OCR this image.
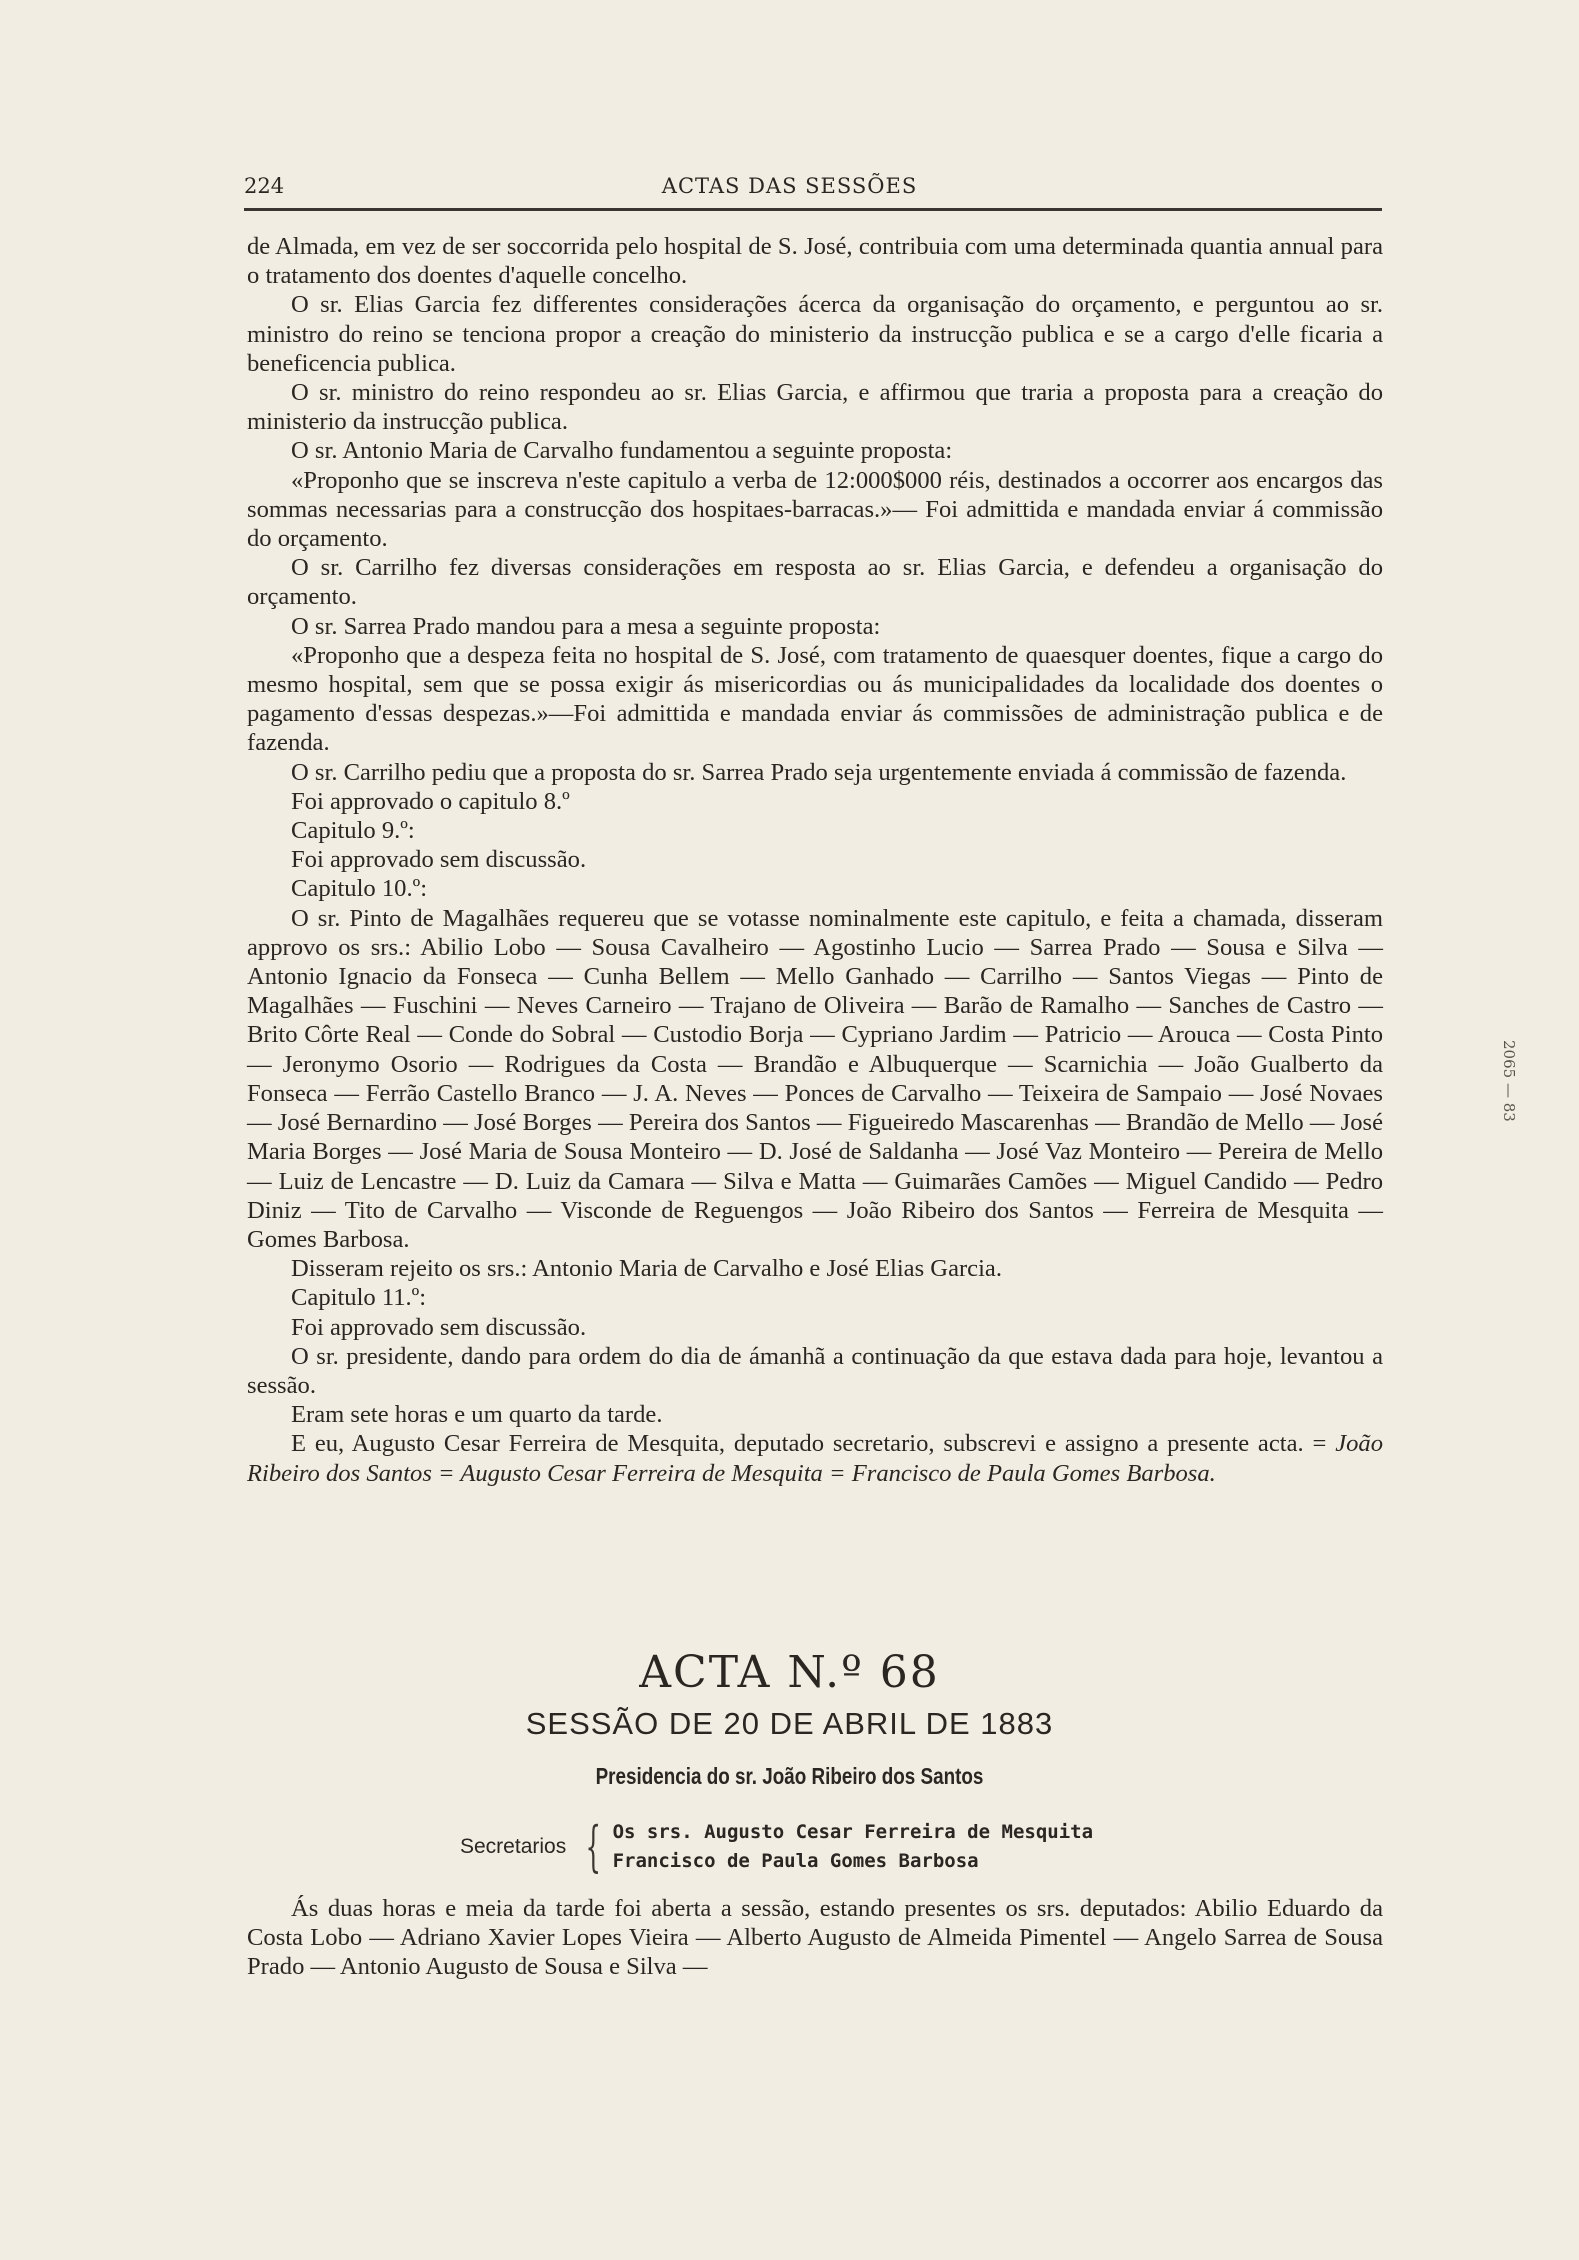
224	ACTAS DAS SESSÕES

de Almada, em vez de ser soccorrida pelo hospital de S. José, contribuia com uma determinada quantia annual para o tratamento dos doentes d'aquelle concelho.

O sr. Elias Garcia fez differentes considerações ácerca da organisação do orçamento, e perguntou ao sr. ministro do reino se tenciona propor a creação do ministerio da instrucção publica e se a cargo d'elle ficaria a beneficencia publica.

O sr. ministro do reino respondeu ao sr. Elias Garcia, e affirmou que traria a proposta para a creação do ministerio da instrucção publica.

O sr. Antonio Maria de Carvalho fundamentou a seguinte proposta:

«Proponho que se inscreva n'este capitulo a verba de 12:000$000 réis, destinados a occorrer aos encargos das sommas necessarias para a construcção dos hospitaes-barracas.»— Foi admittida e mandada enviar á commissão do orçamento.

O sr. Carrilho fez diversas considerações em resposta ao sr. Elias Garcia, e defendeu a organisação do orçamento.

O sr. Sarrea Prado mandou para a mesa a seguinte proposta:

«Proponho que a despeza feita no hospital de S. José, com tratamento de quaesquer doentes, fique a cargo do mesmo hospital, sem que se possa exigir ás misericordias ou ás municipalidades da localidade dos doentes o pagamento d'essas despezas.»—Foi admittida e mandada enviar ás commissões de administração publica e de fazenda.

O sr. Carrilho pediu que a proposta do sr. Sarrea Prado seja urgentemente enviada á commissão de fazenda.

Foi approvado o capitulo 8.º

Capitulo 9.º:

Foi approvado sem discussão.

Capitulo 10.º:

O sr. Pinto de Magalhães requereu que se votasse nominalmente este capitulo, e feita a chamada, disseram approvo os srs.: Abilio Lobo — Sousa Cavalheiro — Agostinho Lucio — Sarrea Prado — Sousa e Silva — Antonio Ignacio da Fonseca — Cunha Bellem — Mello Ganhado — Carrilho — Santos Viegas — Pinto de Magalhães — Fuschini — Neves Carneiro — Trajano de Oliveira — Barão de Ramalho — Sanches de Castro — Brito Côrte Real — Conde do Sobral — Custodio Borja — Cypriano Jardim — Patricio — Arouca — Costa Pinto — Jeronymo Osorio — Rodrigues da Costa — Brandão e Albuquerque — Scarnichia — João Gualberto da Fonseca — Ferrão Castello Branco — J. A. Neves — Ponces de Carvalho — Teixeira de Sampaio — José Novaes — José Bernardino — José Borges — Pereira dos Santos — Figueiredo Mascarenhas — Brandão de Mello — José Maria Borges — José Maria de Sousa Monteiro — D. José de Saldanha — José Vaz Monteiro — Pereira de Mello — Luiz de Lencastre — D. Luiz da Camara — Silva e Matta — Guimarães Camões — Miguel Candido — Pedro Diniz — Tito de Carvalho — Visconde de Reguengos — João Ribeiro dos Santos — Ferreira de Mesquita — Gomes Barbosa.

Disseram rejeito os srs.: Antonio Maria de Carvalho e José Elias Garcia.

Capitulo 11.º:

Foi approvado sem discussão.

O sr. presidente, dando para ordem do dia de ámanhã a continuação da que estava dada para hoje, levantou a sessão.

Eram sete horas e um quarto da tarde.

E eu, Augusto Cesar Ferreira de Mesquita, deputado secretario, subscrevi e assigno a presente acta. = João Ribeiro dos Santos = Augusto Cesar Ferreira de Mesquita = Francisco de Paula Gomes Barbosa.

ACTA N.º 68
SESSÃO DE 20 DE ABRIL DE 1883
Presidencia do sr. João Ribeiro dos Santos
Secretarios { Os srs. Augusto Cesar Ferreira de Mesquita
Francisco de Paula Gomes Barbosa

Ás duas horas e meia da tarde foi aberta a sessão, estando presentes os srs. deputados: Abilio Eduardo da Costa Lobo — Adriano Xavier Lopes Vieira — Alberto Augusto de Almeida Pimentel — Angelo Sarrea de Sousa Prado — Antonio Augusto de Sousa e Silva —

2065 — 83
